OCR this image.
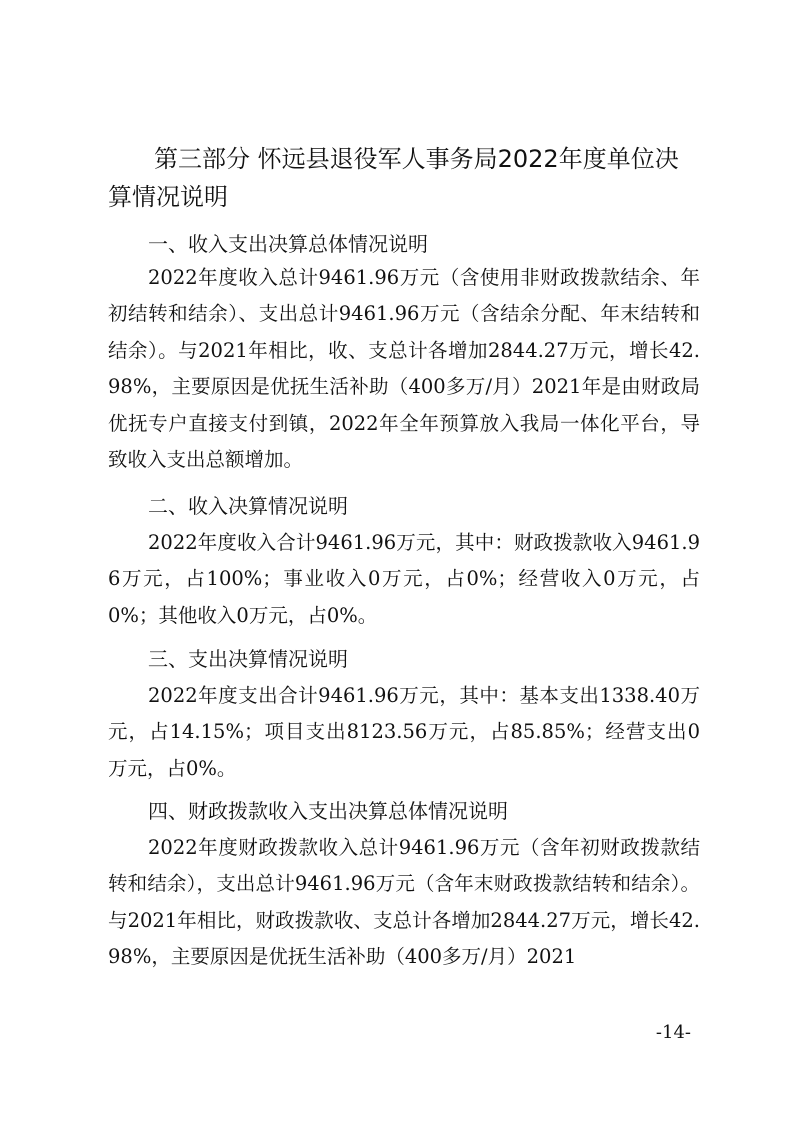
第三部分 怀远县退役军人事务局2022年度单位决算情况说明
一、收入支出决算总体情况说明

2022年度收入总计9461.96万元（含使用非财政拨款结余、年初结转和结余）、支出总计9461.96万元（含结余分配、年末结转和结余）。与2021年相比，收、支总计各增加2844.27万元，增长42.98%，主要原因是优抚生活补助（400多万/月）2021年是由财政局优抚专户直接支付到镇，2022年全年预算放入我局一体化平台，导致收入支出总额增加。

二、收入决算情况说明

2022年度收入合计9461.96万元，其中：财政拨款收入9461.96万元，占100%；事业收入0万元，占0%；经营收入0万元，占0%；其他收入0万元，占0%。

三、支出决算情况说明

2022年度支出合计9461.96万元，其中：基本支出1338.40万元，占14.15%；项目支出8123.56万元，占85.85%；经营支出0万元，占0%。

四、财政拨款收入支出决算总体情况说明

2022年度财政拨款收入总计9461.96万元（含年初财政拨款结转和结余），支出总计9461.96万元（含年末财政拨款结转和结余）。与2021年相比，财政拨款收、支总计各增加2844.27万元，增长42.98%，主要原因是优抚生活补助（400多万/月）2021

-14-
